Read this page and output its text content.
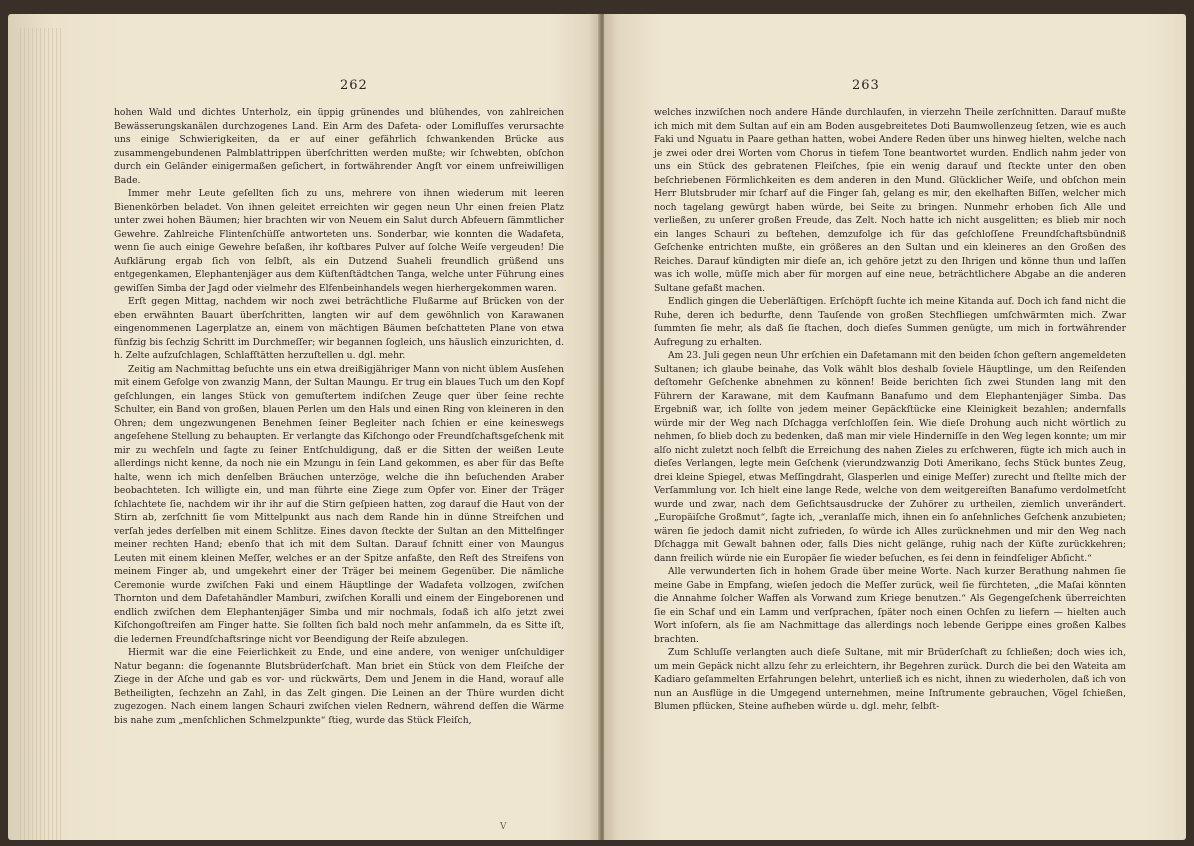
262

hohen Wald und dichtes Unterholz, ein üppig grünendes und blühendes, von zahlreichen Bewässerungskanälen durchzogenes Land. Ein Arm des Dafeta- oder Lomifluſſes verursachte uns einige Schwierigkeiten, da er auf einer gefährlich ſchwankenden Brücke aus zusammengebundenen Palmblattrippen überſchritten werden mußte; wir ſchwebten, obſchon durch ein Geländer einigermaßen geſichert, in fortwährender Angſt vor einem unfreiwilligen Bade.

Immer mehr Leute geſellten ſich zu uns, mehrere von ihnen wiederum mit leeren Bienenkörben beladet. Von ihnen geleitet erreichten wir gegen neun Uhr einen freien Platz unter zwei hohen Bäumen; hier brachten wir von Neuem ein Salut durch Abfeuern ſämmtlicher Gewehre. Zahlreiche Flintenſchüſſe antworteten uns. Sonderbar, wie konnten die Wadafeta, wenn ſie auch einige Gewehre beſaßen, ihr koſtbares Pulver auf ſolche Weiſe vergeuden! Die Aufklärung ergab ſich von ſelbſt, als ein Dutzend Suaheli freundlich grüßend uns entgegenkamen, Elephantenjäger aus dem Küſtenſtädtchen Tanga, welche unter Führung eines gewiſſen Simba der Jagd oder vielmehr des Elfenbeinhandels wegen hierhergekommen waren.

Erſt gegen Mittag, nachdem wir noch zwei beträchtliche Flußarme auf Brücken von der eben erwähnten Bauart überſchritten, langten wir auf dem gewöhnlich von Karawanen eingenommenen Lagerplatze an, einem von mächtigen Bäumen beſchatteten Plane von etwa fünfzig bis ſechzig Schritt im Durchmeſſer; wir begannen ſogleich, uns häuslich einzurichten, d. h. Zelte aufzuſchlagen, Schlafſtätten herzuſtellen u. dgl. mehr.

Zeitig am Nachmittag beſuchte uns ein etwa dreißigjähriger Mann von nicht üblem Ausſehen mit einem Gefolge von zwanzig Mann, der Sultan Maungu. Er trug ein blaues Tuch um den Kopf geſchlungen, ein langes Stück von gemuſtertem indiſchen Zeuge quer über ſeine rechte Schulter, ein Band von großen, blauen Perlen um den Hals und einen Ring von kleineren in den Ohren; dem ungezwungenen Benehmen ſeiner Begleiter nach ſchien er eine keineswegs angeſehene Stellung zu behaupten. Er verlangte das Kiſchongo oder Freundſchaftsgeſchenk mit mir zu wechſeln und ſagte zu ſeiner Entſchuldigung, daß er die Sitten der weißen Leute allerdings nicht kenne, da noch nie ein Mzungu in ſein Land gekommen, es aber für das Beſte halte, wenn ich mich denſelben Bräuchen unterzöge, welche die ihn beſuchenden Araber beobachteten. Ich willigte ein, und man führte eine Ziege zum Opfer vor. Einer der Träger ſchlachtete ſie, nachdem wir ihr ihr auf die Stirn geſpieen hatten, zog darauf die Haut von der Stirn ab, zerſchnitt ſie vom Mittelpunkt aus nach dem Rande hin in dünne Streifchen und verſah jedes derſelben mit einem Schlitze. Eines davon ſteckte der Sultan an den Mittelfinger meiner rechten Hand; ebenſo that ich mit dem Sultan. Darauf ſchnitt einer von Maungus Leuten mit einem kleinen Meſſer, welches er an der Spitze anfaßte, den Reſt des Streifens von meinem Finger ab, und umgekehrt einer der Träger bei meinem Gegenüber. Die nämliche Ceremonie wurde zwiſchen Faki und einem Häuptlinge der Wadafeta vollzogen, zwiſchen Thornton und dem Dafetahändler Mamburi, zwiſchen Koralli und einem der Eingeborenen und endlich zwiſchen dem Elephantenjäger Simba und mir nochmals, ſodaß ich alſo jetzt zwei Kiſchongoſtreifen am Finger hatte. Sie ſollten ſich bald noch mehr anſammeln, da es Sitte iſt, die ledernen Freundſchaftsringe nicht vor Beendigung der Reiſe abzulegen.

Hiermit war die eine Feierlichkeit zu Ende, und eine andere, von weniger unſchuldiger Natur begann: die ſogenannte Blutsbrüderſchaft. Man briet ein Stück von dem Fleiſche der Ziege in der Aſche und gab es vor- und rückwärts, Dem und Jenem in die Hand, worauf alle Betheiligten, ſechzehn an Zahl, in das Zelt gingen. Die Leinen an der Thüre wurden dicht zugezogen. Nach einem langen Schauri zwiſchen vielen Rednern, während deſſen die Wärme bis nahe zum „menſchlichen Schmelzpunkte“ ſtieg, wurde das Stück Fleiſch,

V
263

welches inzwiſchen noch andere Hände durchlaufen, in vierzehn Theile zerſchnitten. Darauf mußte ich mich mit dem Sultan auf ein am Boden ausgebreitetes Doti Baumwollenzeug ſetzen, wie es auch Faki und Nguatu in Paare gethan hatten, wobei Andere Reden über uns hinweg hielten, welche nach je zwei oder drei Worten vom Chorus in tiefem Tone beantwortet wurden. Endlich nahm jeder von uns ein Stück des gebratenen Fleiſches, ſpie ein wenig darauf und ſteckte unter den oben beſchriebenen Förmlichkeiten es dem anderen in den Mund. Glücklicher Weiſe, und obſchon mein Herr Blutsbruder mir ſcharf auf die Finger ſah, gelang es mir, den ekelhaften Biſſen, welcher mich noch tagelang gewürgt haben würde, bei Seite zu bringen. Nunmehr erhoben ſich Alle und verließen, zu unſerer großen Freude, das Zelt. Noch hatte ich nicht ausgelitten; es blieb mir noch ein langes Schauri zu beſtehen, demzufolge ich für das geſchloſſene Freundſchaftsbündniß Geſchenke entrichten mußte, ein größeres an den Sultan und ein kleineres an den Großen des Reiches. Darauf kündigten mir dieſe an, ich gehöre jetzt zu den Ihrigen und könne thun und laſſen was ich wolle, müſſe mich aber für morgen auf eine neue, beträchtlichere Abgabe an die anderen Sultane gefaßt machen.

Endlich gingen die Ueberläſtigen. Erſchöpft ſuchte ich meine Kitanda auf. Doch ich fand nicht die Ruhe, deren ich bedurfte, denn Tauſende von großen Stechfliegen umſchwärmten mich. Zwar ſummten ſie mehr, als daß ſie ſtachen, doch dieſes Summen genügte, um mich in fortwährender Aufregung zu erhalten.

Am 23. Juli gegen neun Uhr erſchien ein Dafetamann mit den beiden ſchon geſtern angemeldeten Sultanen; ich glaube beinahe, das Volk wählt blos deshalb ſoviele Häuptlinge, um den Reiſenden deſtomehr Geſchenke abnehmen zu können! Beide berichten ſich zwei Stunden lang mit den Führern der Karawane, mit dem Kaufmann Banafumo und dem Elephantenjäger Simba. Das Ergebniß war, ich ſollte von jedem meiner Gepäckſtücke eine Kleinigkeit bezahlen; andernfalls würde mir der Weg nach Dſchagga verſchloſſen ſein. Wie dieſe Drohung auch nicht wörtlich zu nehmen, ſo blieb doch zu bedenken, daß man mir viele Hinderniſſe in den Weg legen konnte; um mir alſo nicht zuletzt noch ſelbſt die Erreichung des nahen Zieles zu erſchweren, fügte ich mich auch in dieſes Verlangen, legte mein Geſchenk (vierundzwanzig Doti Amerikano, ſechs Stück buntes Zeug, drei kleine Spiegel, etwas Meſſingdraht, Glasperlen und einige Meſſer) zurecht und ſtellte mich der Verſammlung vor. Ich hielt eine lange Rede, welche von dem weitgereiſten Banafumo verdolmetſcht wurde und zwar, nach dem Geſichtsausdrucke der Zuhörer zu urtheilen, ziemlich unverändert. „Europäiſche Großmut“, ſagte ich, „veranlaſſe mich, ihnen ein ſo anſehnliches Geſchenk anzubieten; wären ſie jedoch damit nicht zufrieden, ſo würde ich Alles zurücknehmen und mir den Weg nach Dſchagga mit Gewalt bahnen oder, falls Dies nicht gelänge, ruhig nach der Küſte zurückkehren; dann freilich würde nie ein Europäer ſie wieder beſuchen, es ſei denn in feindſeliger Abſicht.“

Alle verwunderten ſich in hohem Grade über meine Worte. Nach kurzer Berathung nahmen ſie meine Gabe in Empfang, wieſen jedoch die Meſſer zurück, weil ſie fürchteten, „die Maſai könnten die Annahme ſolcher Waffen als Vorwand zum Kriege benutzen.“ Als Gegengeſchenk überreichten ſie ein Schaf und ein Lamm und verſprachen, ſpäter noch einen Ochſen zu liefern — hielten auch Wort inſofern, als ſie am Nachmittage das allerdings noch lebende Gerippe eines großen Kalbes brachten.

Zum Schluſſe verlangten auch dieſe Sultane, mit mir Brüderſchaft zu ſchließen; doch wies ich, um mein Gepäck nicht allzu ſehr zu erleichtern, ihr Begehren zurück. Durch die bei den Wateita am Kadiaro geſammelten Erfahrungen belehrt, unterließ ich es nicht, ihnen zu wiederholen, daß ich von nun an Ausflüge in die Umgegend unternehmen, meine Inſtrumente gebrauchen, Vögel ſchießen, Blumen pflücken, Steine aufheben würde u. dgl. mehr, ſelbſt-
